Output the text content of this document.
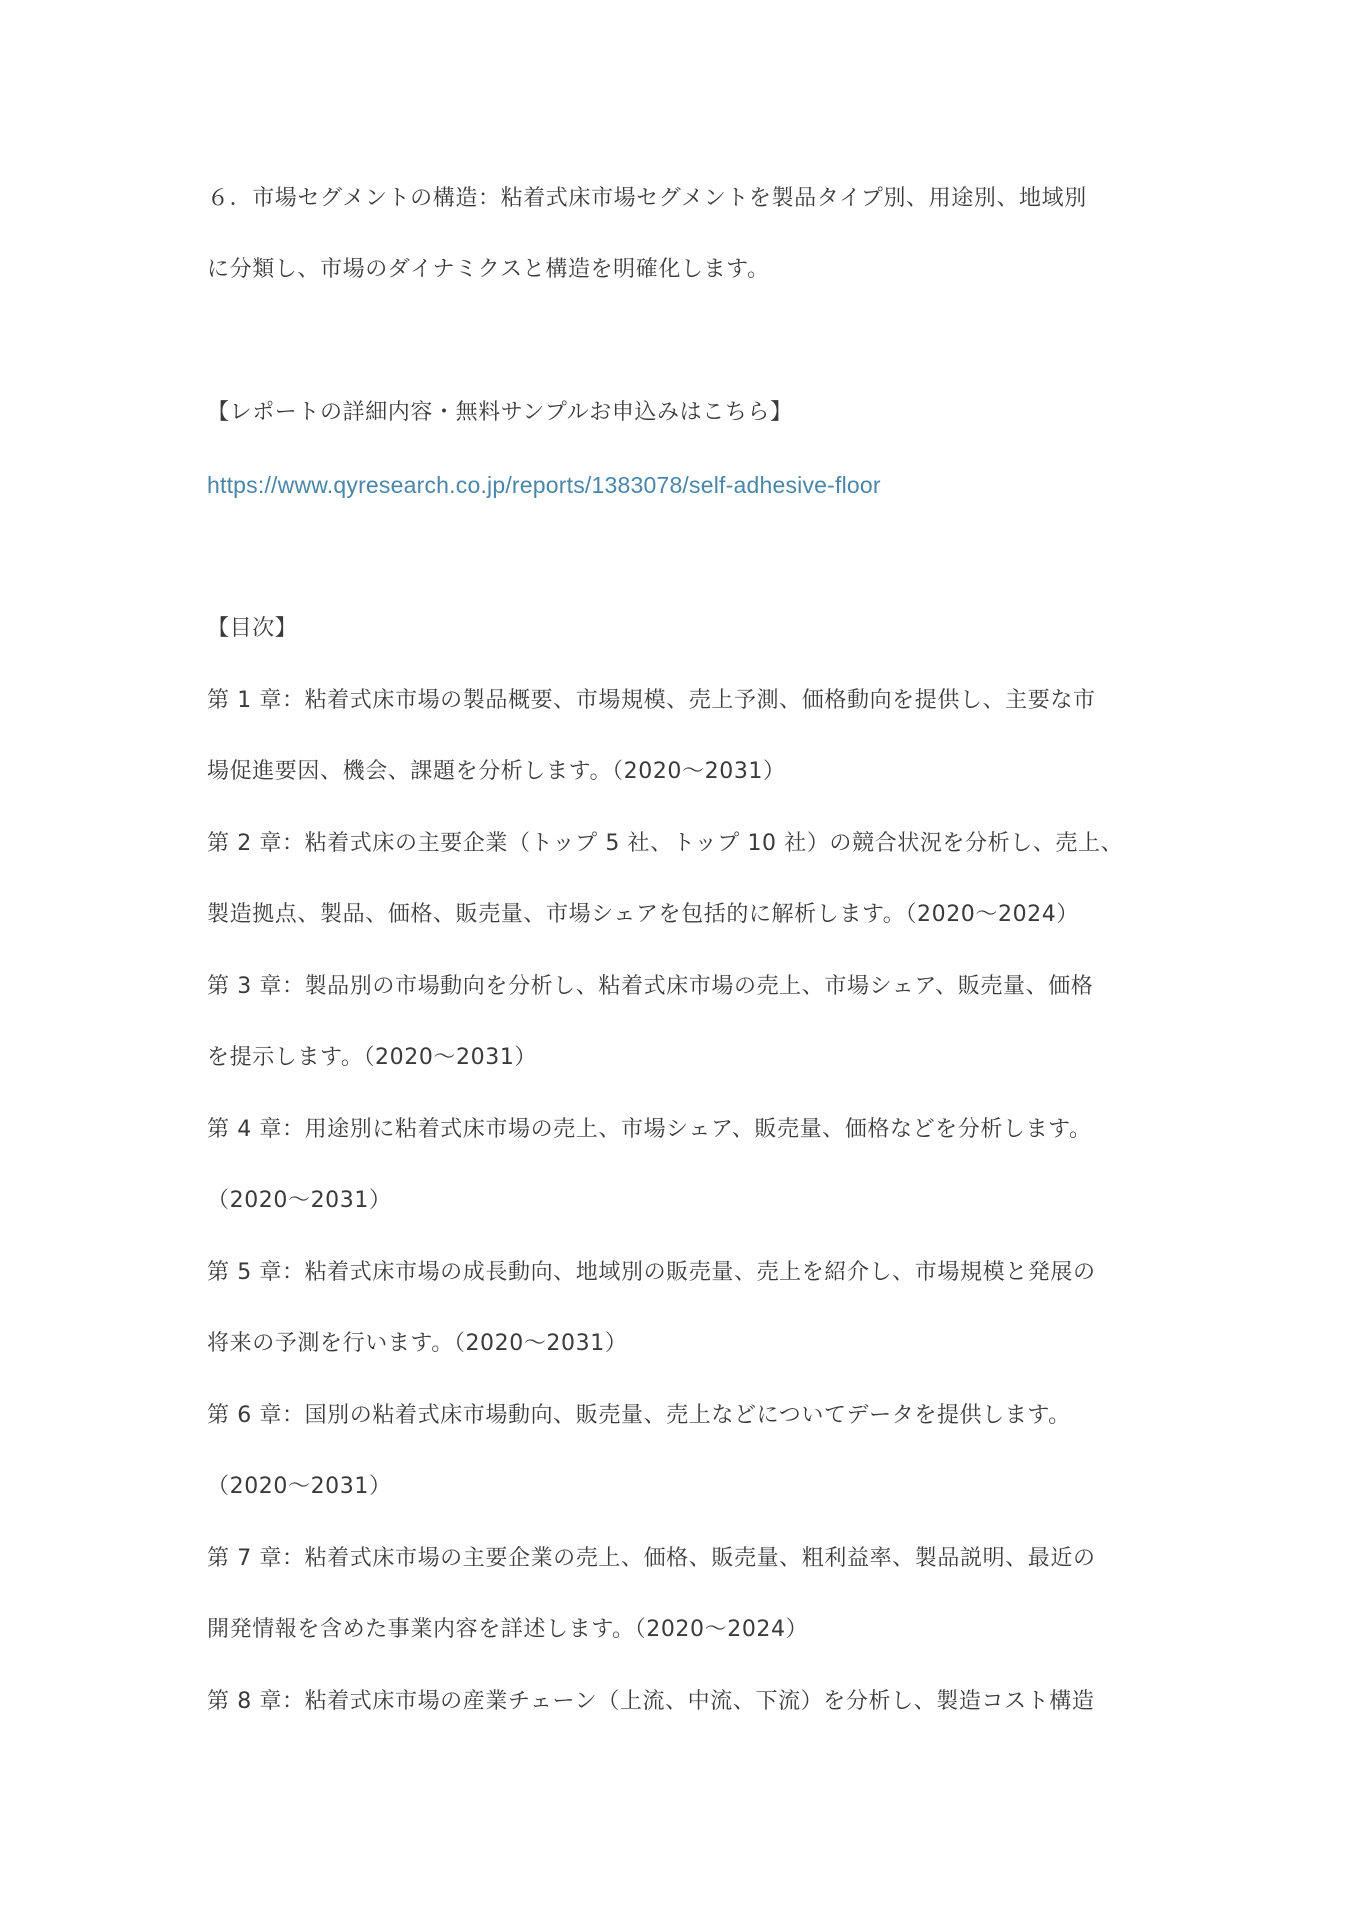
６．市場セグメントの構造：粘着式床市場セグメントを製品タイプ別、用途別、地域別
に分類し、市場のダイナミクスと構造を明確化します。
【レポートの詳細内容・無料サンプルお申込みはこちら】
https://www.qyresearch.co.jp/reports/1383078/self-adhesive-floor
【目次】
第 1 章：粘着式床市場の製品概要、市場規模、売上予測、価格動向を提供し、主要な市
場促進要因、機会、課題を分析します。（2020～2031）
第 2 章：粘着式床の主要企業（トップ 5 社、トップ 10 社）の競合状況を分析し、売上、
製造拠点、製品、価格、販売量、市場シェアを包括的に解析します。（2020～2024）
第 3 章：製品別の市場動向を分析し、粘着式床市場の売上、市場シェア、販売量、価格
を提示します。（2020～2031）
第 4 章：用途別に粘着式床市場の売上、市場シェア、販売量、価格などを分析します。
（2020～2031）
第 5 章：粘着式床市場の成長動向、地域別の販売量、売上を紹介し、市場規模と発展の
将来の予測を行います。（2020～2031）
第 6 章：国別の粘着式床市場動向、販売量、売上などについてデータを提供します。
（2020～2031）
第 7 章：粘着式床市場の主要企業の売上、価格、販売量、粗利益率、製品説明、最近の
開発情報を含めた事業内容を詳述します。（2020～2024）
第 8 章：粘着式床市場の産業チェーン（上流、中流、下流）を分析し、製造コスト構造
